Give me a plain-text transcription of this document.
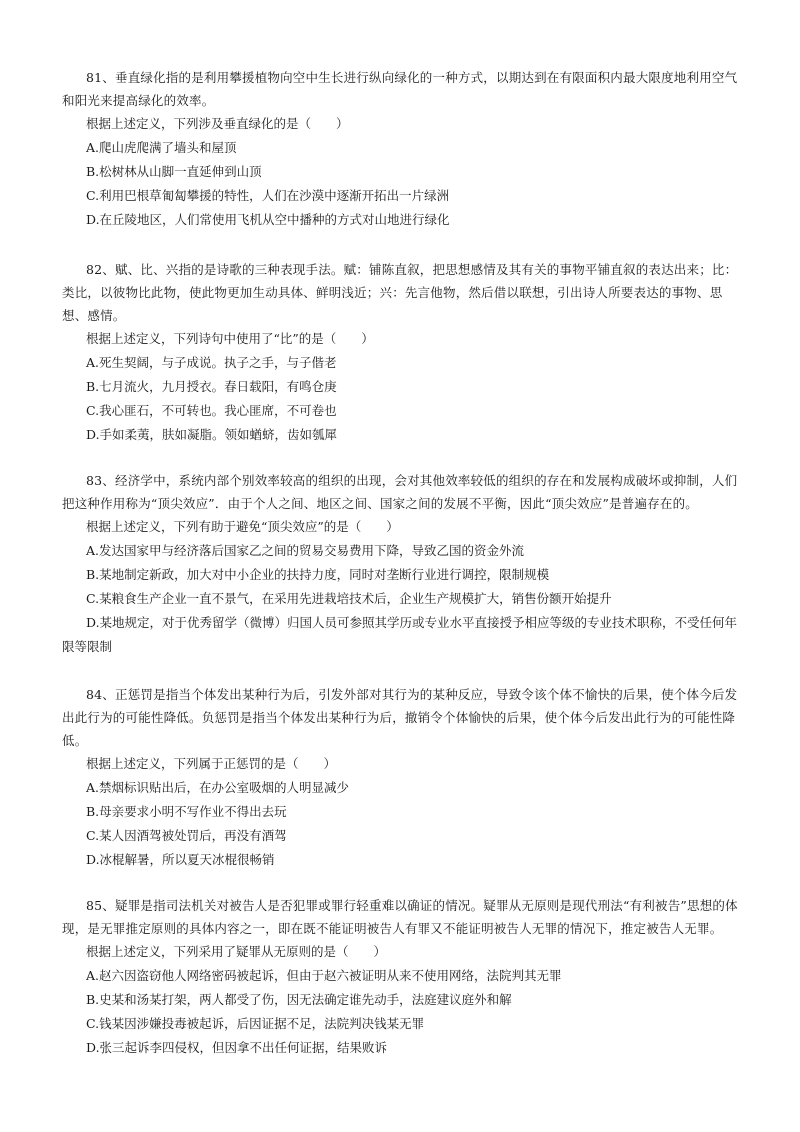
81、垂直绿化指的是利用攀援植物向空中生长进行纵向绿化的一种方式，以期达到在有限面积内最大限度地利用空气和阳光来提高绿化的效率。

根据上述定义，下列涉及垂直绿化的是（　　）

A.爬山虎爬满了墙头和屋顶
B.松树林从山脚一直延伸到山顶
C.利用巴根草匍匐攀援的特性，人们在沙漠中逐渐开拓出一片绿洲
D.在丘陵地区，人们常使用飞机从空中播种的方式对山地进行绿化

82、赋、比、兴指的是诗歌的三种表现手法。赋：铺陈直叙，把思想感情及其有关的事物平铺直叙的表达出来；比：类比，以彼物比此物，使此物更加生动具体、鲜明浅近；兴：先言他物，然后借以联想，引出诗人所要表达的事物、思想、感情。

根据上述定义，下列诗句中使用了“比”的是（　　）

A.死生契阔，与子成说。执子之手，与子偕老
B.七月流火，九月授衣。春日载阳，有鸣仓庚
C.我心匪石，不可转也。我心匪席，不可卷也
D.手如柔荑，肤如凝脂。领如蝤蛴，齿如瓠犀

83、经济学中，系统内部个别效率较高的组织的出现，会对其他效率较低的组织的存在和发展构成破坏或抑制，人们把这种作用称为“顶尖效应”．由于个人之间、地区之间、国家之间的发展不平衡，因此“顶尖效应”是普遍存在的。

根据上述定义，下列有助于避免“顶尖效应”的是（　　）

A.发达国家甲与经济落后国家乙之间的贸易交易费用下降，导致乙国的资金外流
B.某地制定新政，加大对中小企业的扶持力度，同时对垄断行业进行调控，限制规模
C.某粮食生产企业一直不景气，在采用先进栽培技术后，企业生产规模扩大，销售份额开始提升
D.某地规定，对于优秀留学（微博）归国人员可参照其学历或专业水平直接授予相应等级的专业技术职称，不受任何年限等限制

84、正惩罚是指当个体发出某种行为后，引发外部对其行为的某种反应，导致令该个体不愉快的后果，使个体今后发出此行为的可能性降低。负惩罚是指当个体发出某种行为后，撤销令个体愉快的后果，使个体今后发出此行为的可能性降低。

根据上述定义，下列属于正惩罚的是（　　）

A.禁烟标识贴出后，在办公室吸烟的人明显减少
B.母亲要求小明不写作业不得出去玩
C.某人因酒驾被处罚后，再没有酒驾
D.冰棍解暑，所以夏天冰棍很畅销

85、疑罪是指司法机关对被告人是否犯罪或罪行轻重难以确证的情况。疑罪从无原则是现代刑法“有利被告”思想的体现，是无罪推定原则的具体内容之一，即在既不能证明被告人有罪又不能证明被告人无罪的情况下，推定被告人无罪。

根据上述定义，下列采用了疑罪从无原则的是（　　）

A.赵六因盗窃他人网络密码被起诉，但由于赵六被证明从来不使用网络，法院判其无罪
B.史某和汤某打架，两人都受了伤，因无法确定谁先动手，法庭建议庭外和解
C.钱某因涉嫌投毒被起诉，后因证据不足，法院判决钱某无罪
D.张三起诉李四侵权，但因拿不出任何证据，结果败诉
